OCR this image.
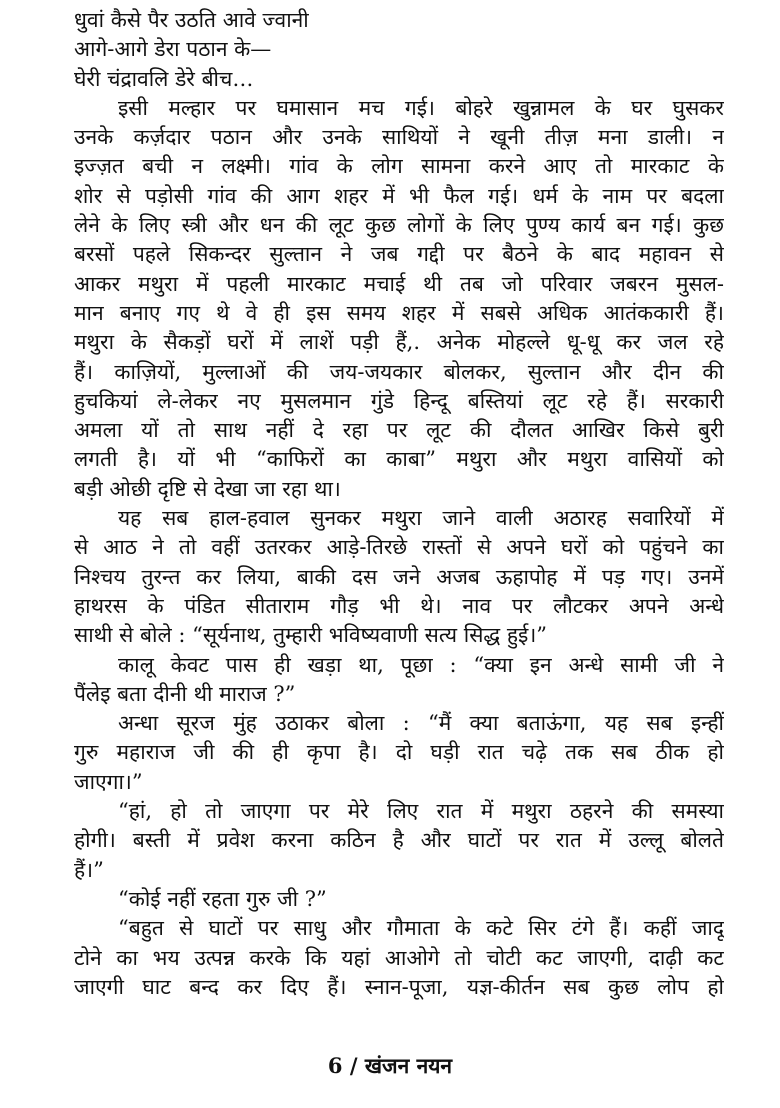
धुवां कैसे पैर उठति आवे ज्वानी
आगे-आगे डेरा पठान के—
घेरी चंद्रावलि डेरे बीच…
इसी मल्हार पर घमासान मच गई। बोहरे खुन्नामल के घर घुसकर
उनके कर्ज़दार पठान और उनके साथियों ने खूनी तीज़ मना डाली। न
इज्ज़त बची न लक्ष्मी। गांव के लोग सामना करने आए तो मारकाट के
शोर से पड़ोसी गांव की आग शहर में भी फैल गई। धर्म के नाम पर बदला
लेने के लिए स्त्री और धन की लूट कुछ लोगों के लिए पुण्य कार्य बन गई। कुछ
बरसों पहले सिकन्दर सुल्तान ने जब गद्दी पर बैठने के बाद महावन से
आकर मथुरा में पहली मारकाट मचाई थी तब जो परिवार जबरन मुसल-
मान बनाए गए थे वे ही इस समय शहर में सबसे अधिक आतंककारी हैं।
मथुरा के सैकड़ों घरों में लाशें पड़ी हैं,. अनेक मोहल्ले धू-धू कर जल रहे
हैं। काज़ियों, मुल्लाओं की जय-जयकार बोलकर, सुल्तान और दीन की
हुचकियां ले-लेकर नए मुसलमान गुंडे हिन्दू बस्तियां लूट रहे हैं। सरकारी
अमला यों तो साथ नहीं दे रहा पर लूट की दौलत आखिर किसे बुरी
लगती है। यों भी “काफिरों का काबा” मथुरा और मथुरा वासियों को
बड़ी ओछी दृष्टि से देखा जा रहा था।
यह सब हाल-हवाल सुनकर मथुरा जाने वाली अठारह सवारियों में
से आठ ने तो वहीं उतरकर आड़े-तिरछे रास्तों से अपने घरों को पहुंचने का
निश्चय तुरन्त कर लिया, बाकी दस जने अजब ऊहापोह में पड़ गए। उनमें
हाथरस के पंडित सीताराम गौड़ भी थे। नाव पर लौटकर अपने अन्धे
साथी से बोले : “सूर्यनाथ, तुम्हारी भविष्यवाणी सत्य सिद्ध हुई।”
कालू केवट पास ही खड़ा था, पूछा : “क्या इन अन्धे सामी जी ने
पैंलेइ बता दीनी थी माराज ?”
अन्धा सूरज मुंह उठाकर बोला : “मैं क्या बताऊंगा, यह सब इन्हीं
गुरु महाराज जी की ही कृपा है। दो घड़ी रात चढ़े तक सब ठीक हो
जाएगा।”
“हां, हो तो जाएगा पर मेरे लिए रात में मथुरा ठहरने की समस्या
होगी। बस्ती में प्रवेश करना कठिन है और घाटों पर रात में उल्लू बोलते
हैं।”
“कोई नहीं रहता गुरु जी ?”
“बहुत से घाटों पर साधु और गौमाता के कटे सिर टंगे हैं। कहीं जादू
टोने का भय उत्पन्न करके कि यहां आओगे तो चोटी कट जाएगी, दाढ़ी कट
जाएगी घाट बन्द कर दिए हैं। स्नान-पूजा, यज्ञ-कीर्तन सब कुछ लोप हो
6 / खंजन नयन
